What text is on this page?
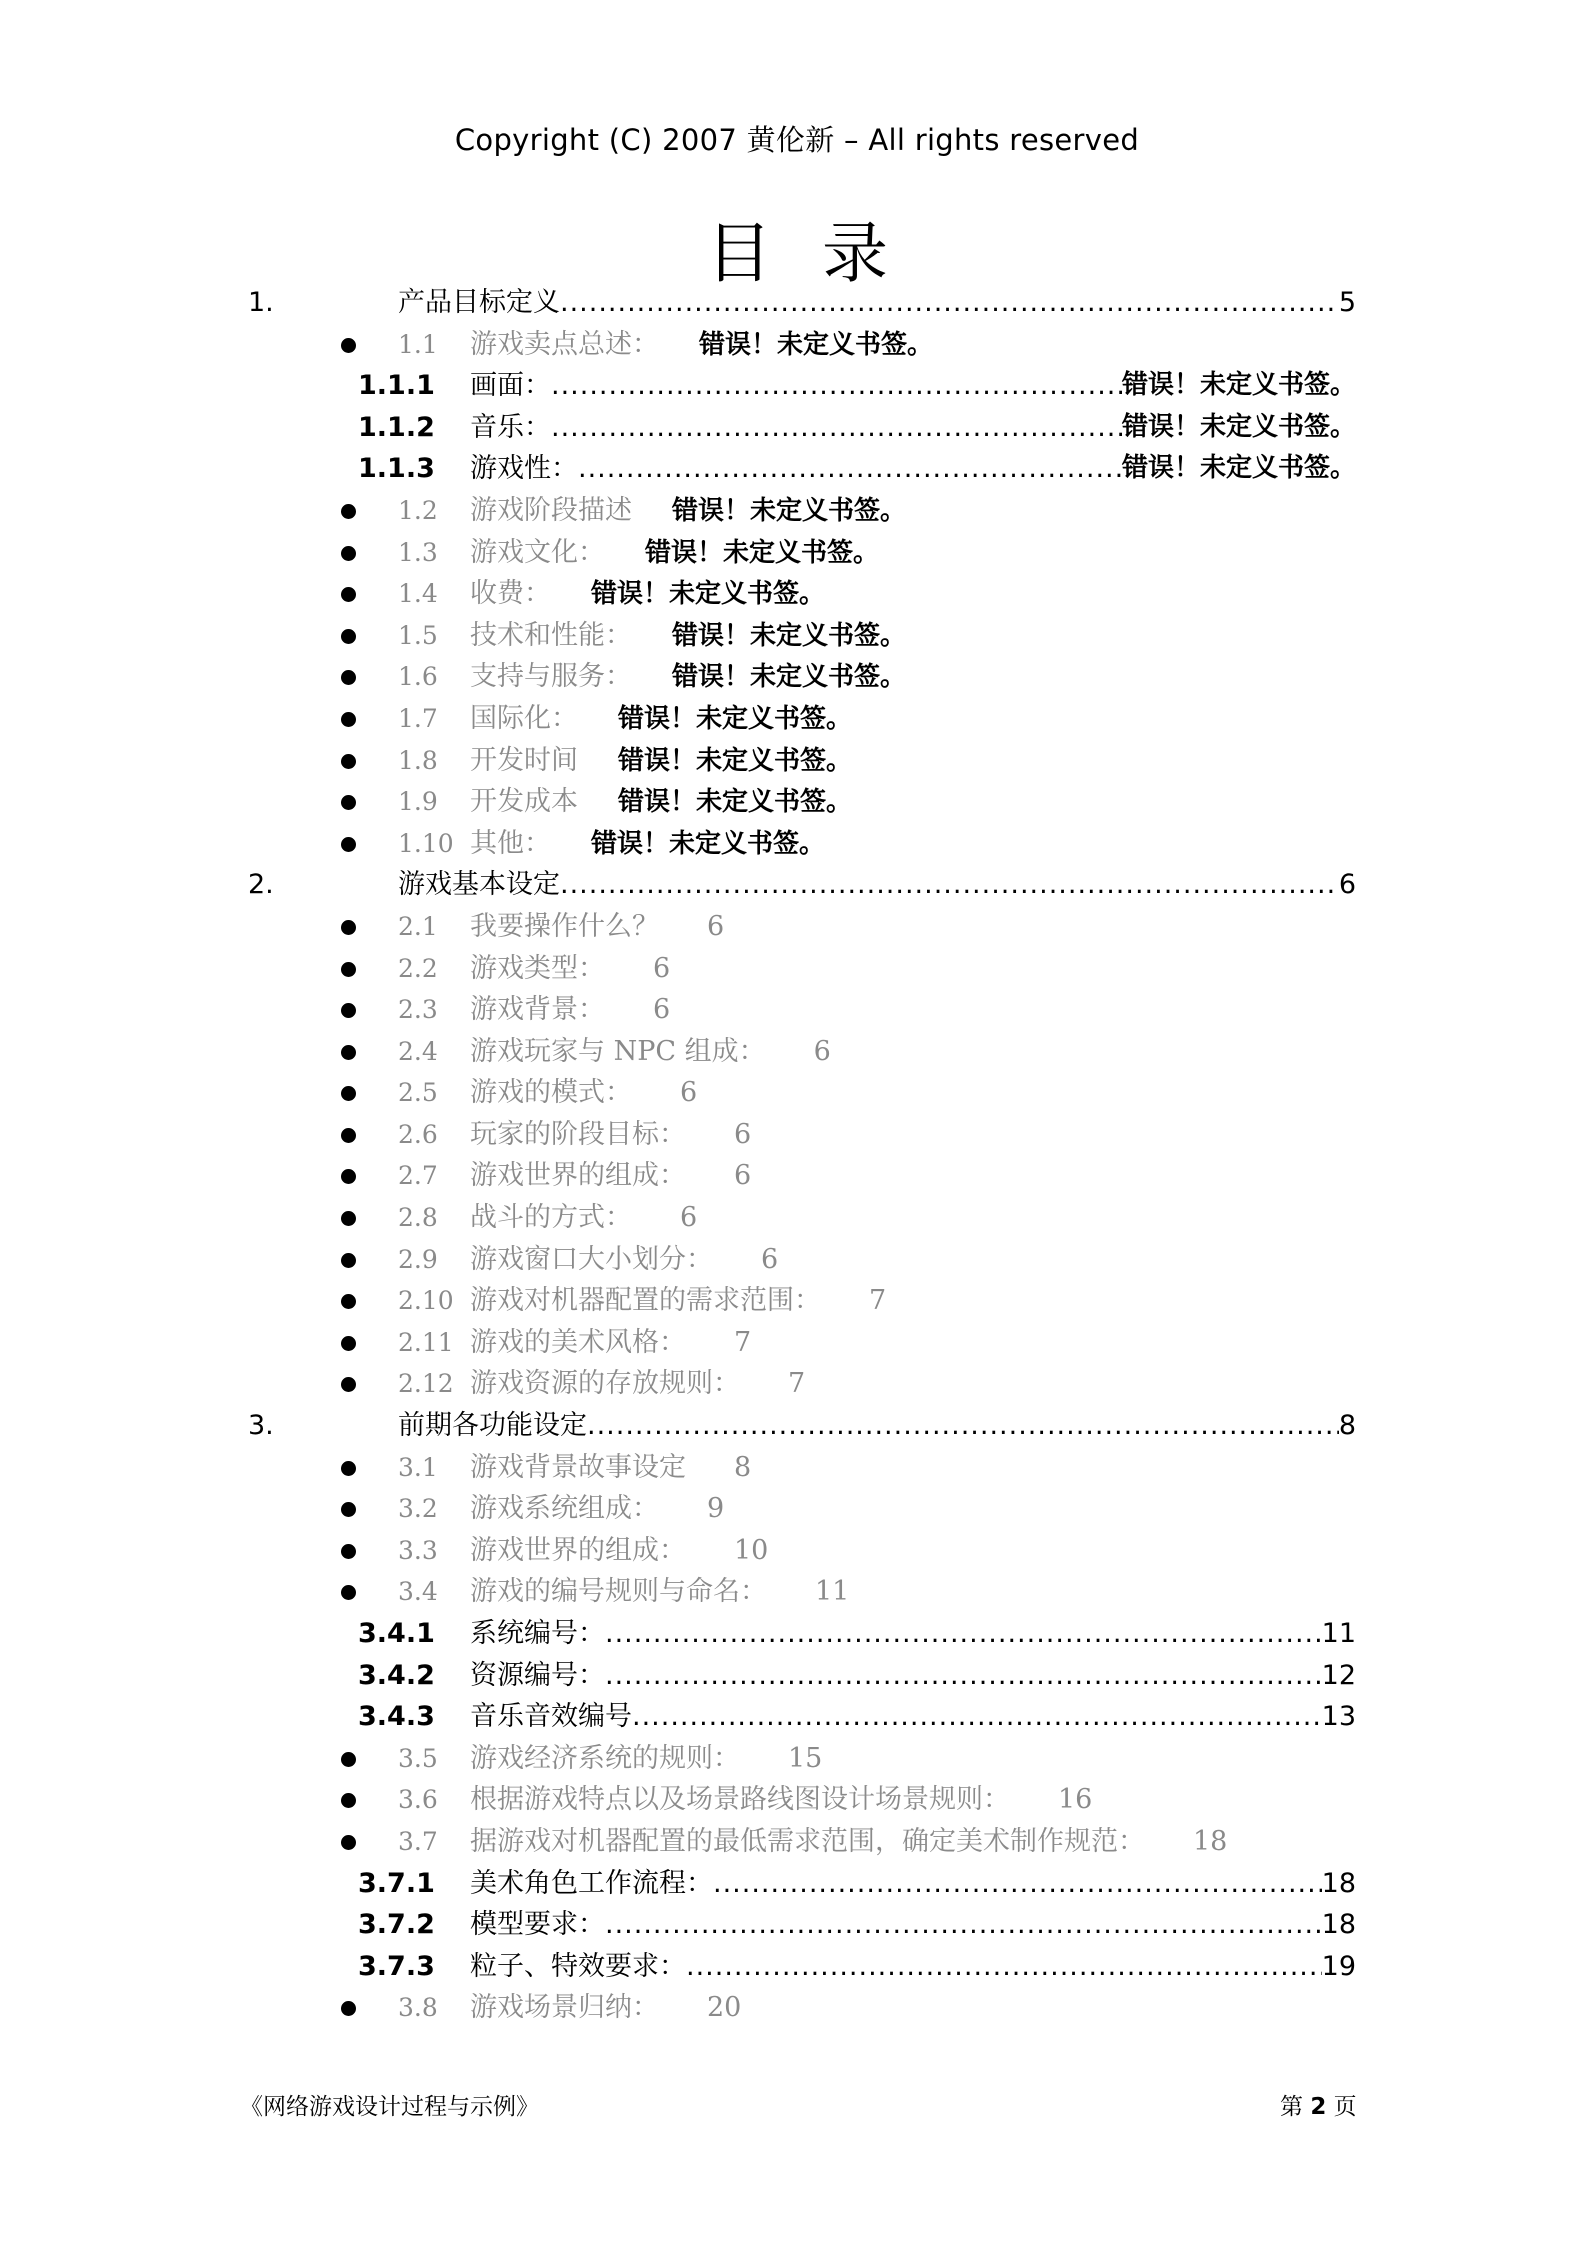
Copyright (C) 2007 黄伦新 – All rights reserved
目录
1.	产品目标定义 .....	5
1.1 游戏卖点总述： 错误！未定义书签。
1.1.1 画面： .....	错误！未定义书签。
1.1.2 音乐： .....	错误！未定义书签。
1.1.3 游戏性： .....	错误！未定义书签。
1.2 游戏阶段描述 错误！未定义书签。
1.3 游戏文化： 错误！未定义书签。
1.4 收费： 错误！未定义书签。
1.5 技术和性能： 错误！未定义书签。
1.6 支持与服务： 错误！未定义书签。
1.7 国际化： 错误！未定义书签。
1.8 开发时间 错误！未定义书签。
1.9 开发成本 错误！未定义书签。
1.10 其他： 错误！未定义书签。
2.	游戏基本设定 .....	6
2.1 我要操作什么？ 6
2.2 游戏类型： 6
2.3 游戏背景： 6
2.4 游戏玩家与 NPC 组成： 6
2.5 游戏的模式： 6
2.6 玩家的阶段目标： 6
2.7 游戏世界的组成： 6
2.8 战斗的方式： 6
2.9 游戏窗口大小划分： 6
2.10 游戏对机器配置的需求范围： 7
2.11 游戏的美术风格： 7
2.12 游戏资源的存放规则： 7
3.	前期各功能设定 .....	8
3.1 游戏背景故事设定 8
3.2 游戏系统组成： 9
3.3 游戏世界的组成： 10
3.4 游戏的编号规则与命名： 11
3.4.1 系统编号： .....	11
3.4.2 资源编号： .....	12
3.4.3 音乐音效编号 .....	13
3.5 游戏经济系统的规则： 15
3.6 根据游戏特点以及场景路线图设计场景规则： 16
3.7 据游戏对机器配置的最低需求范围，确定美术制作规范： 18
3.7.1 美术角色工作流程： .....	18
3.7.2 模型要求： .....	18
3.7.3 粒子、特效要求： .....	19
3.8 游戏场景归纳： 20
《网络游戏设计过程与示例》	第 2 页
